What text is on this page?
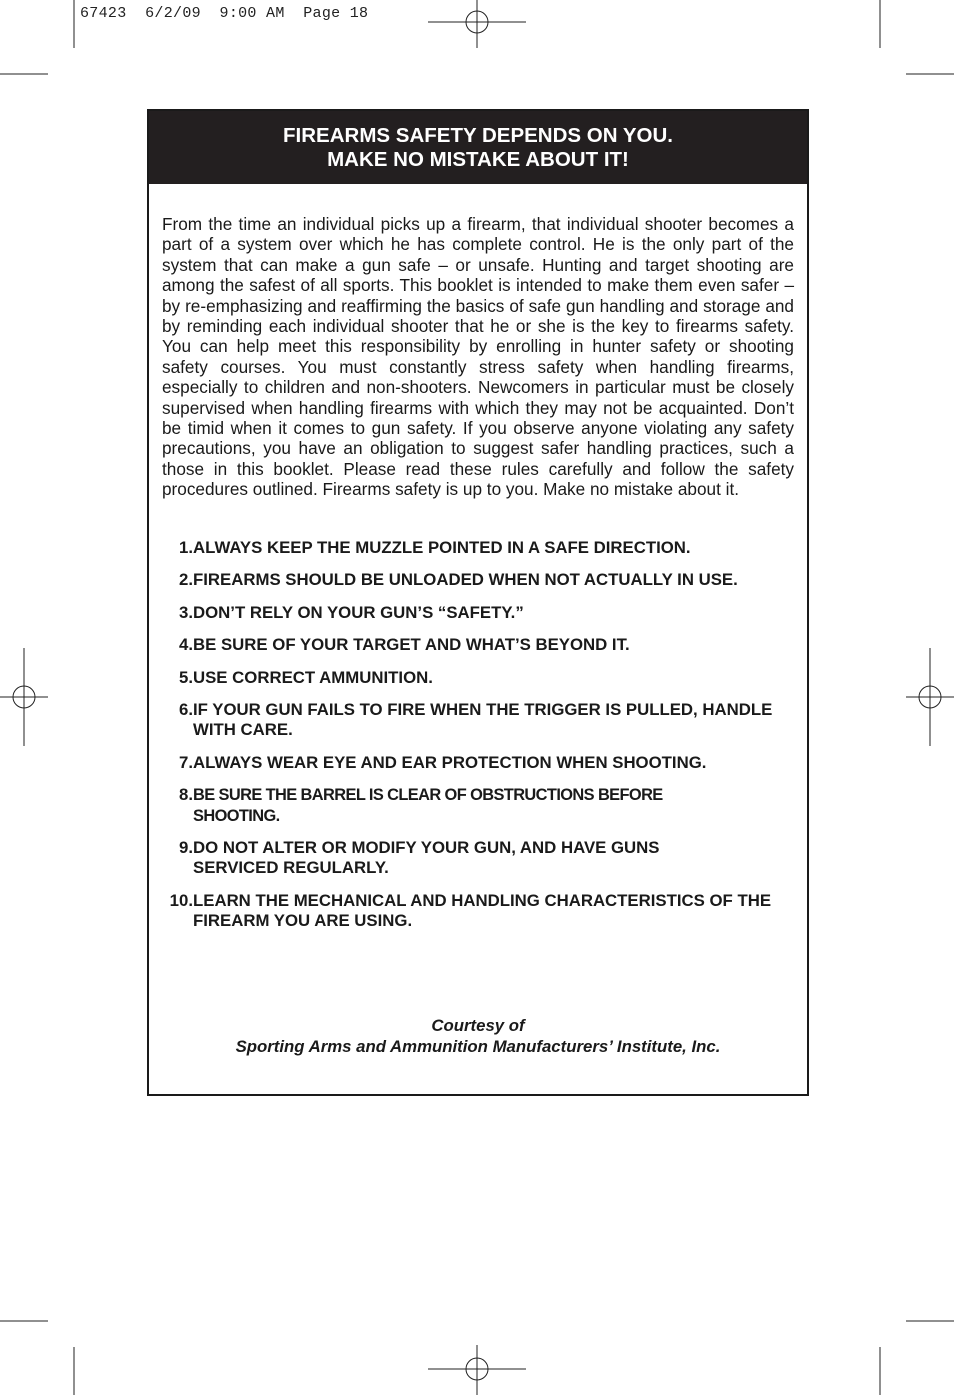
67423  6/2/09  9:00 AM  Page 18
FIREARMS SAFETY DEPENDS ON YOU.
MAKE NO MISTAKE ABOUT IT!

From the time an individual picks up a firearm, that individual shooter becomes a part of a system over which he has complete control. He is the only part of the system that can make a gun safe – or unsafe. Hunting and target shooting are among the safest of all sports. This booklet is intended to make them even safer – by re-emphasizing and reaffirming the basics of safe gun handling and storage and by reminding each individual shooter that he or she is the key to firearms safety. You can help meet this responsibility by enrolling in hunter safety or shooting safety courses. You must constantly stress safety when handling firearms, especially to children and non-shooters. Newcomers in particular must be closely supervised when handling firearms with which they may not be acquainted. Don’t be timid when it comes to gun safety. If you observe anyone violating any safety precautions, you have an obligation to suggest safer handling practices, such a those in this booklet. Please read these rules carefully and follow the safety procedures outlined. Firearms safety is up to you. Make no mistake about it.

1. ALWAYS KEEP THE MUZZLE POINTED IN A SAFE DIRECTION.
2. FIREARMS SHOULD BE UNLOADED WHEN NOT ACTUALLY IN USE.
3. DON’T RELY ON YOUR GUN’S “SAFETY.”
4. BE SURE OF YOUR TARGET AND WHAT’S BEYOND IT.
5. USE CORRECT AMMUNITION.
6. IF YOUR GUN FAILS TO FIRE WHEN THE TRIGGER IS PULLED, HANDLE WITH CARE.
7. ALWAYS WEAR EYE AND EAR PROTECTION WHEN SHOOTING.
8. BE SURE THE BARREL IS CLEAR OF OBSTRUCTIONS BEFORE SHOOTING.
9. DO NOT ALTER OR MODIFY YOUR GUN, AND HAVE GUNS SERVICED REGULARLY.
10. LEARN THE MECHANICAL AND HANDLING CHARACTERISTICS OF THE FIREARM YOU ARE USING.
Courtesy of
Sporting Arms and Ammunition Manufacturers’ Institute, Inc.
